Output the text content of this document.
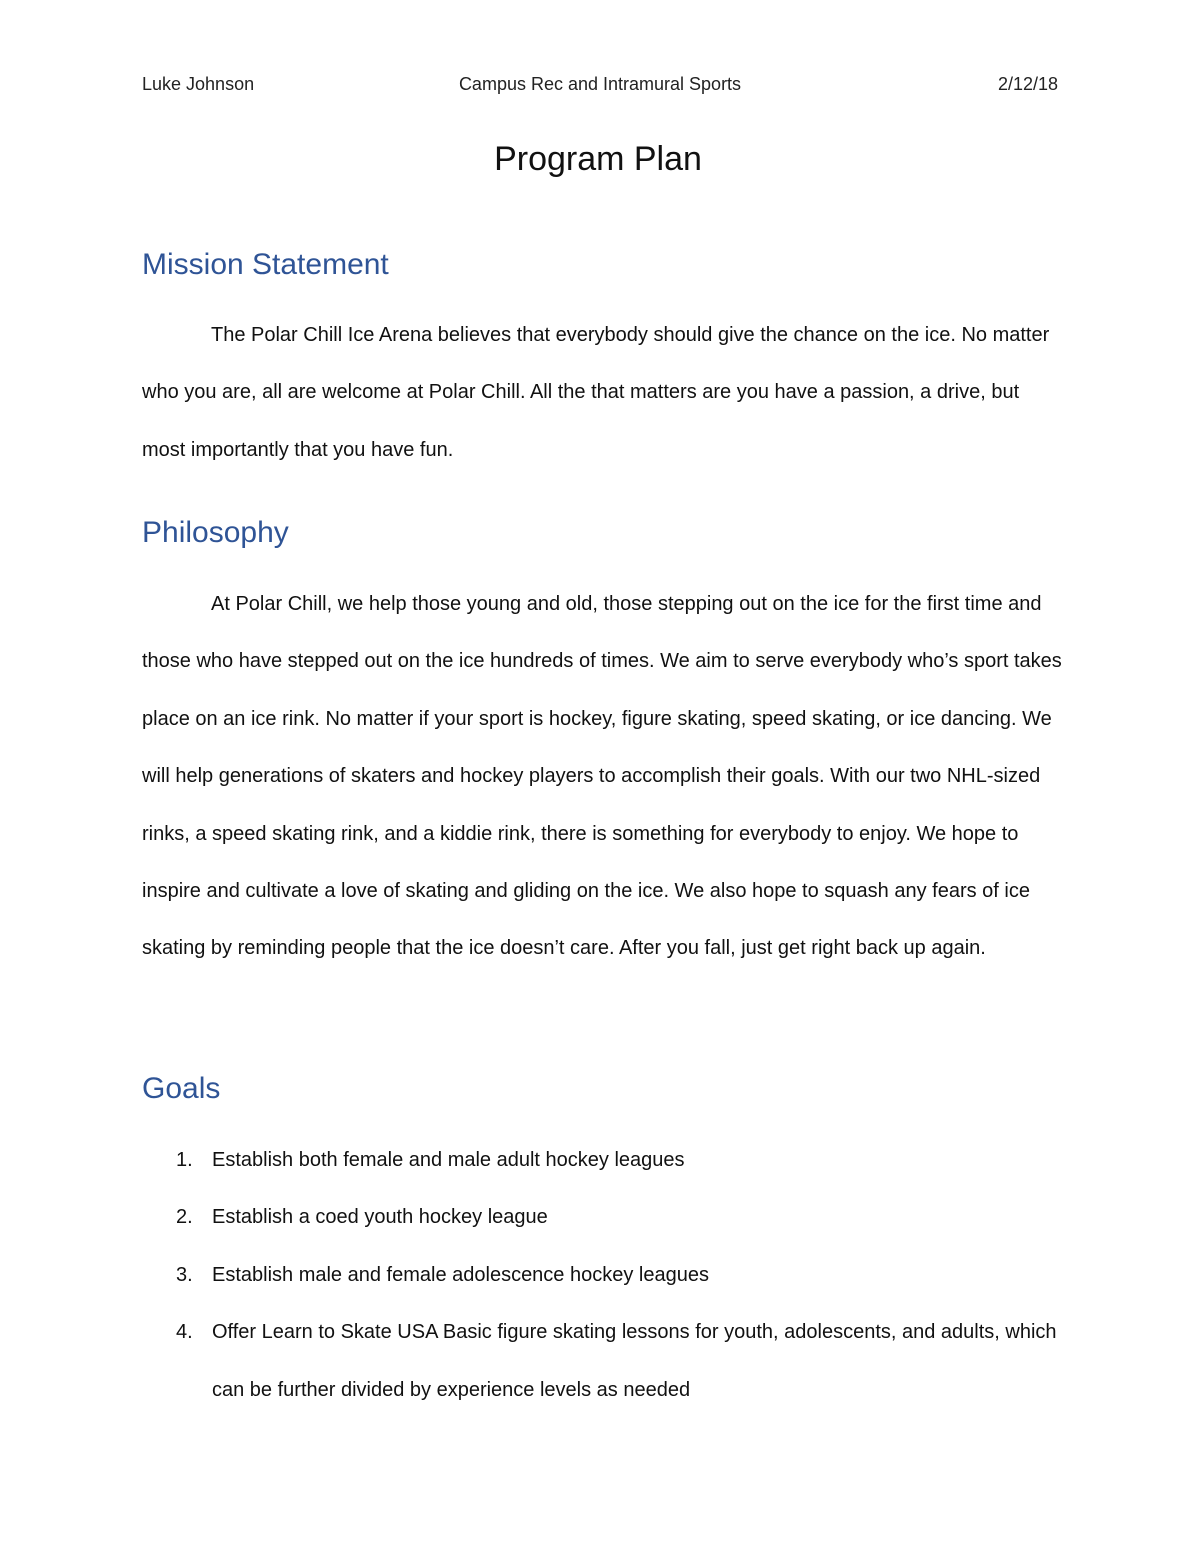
Luke Johnson	Campus Rec and Intramural Sports	2/12/18
Program Plan
Mission Statement
The Polar Chill Ice Arena believes that everybody should give the chance on the ice. No matter who you are, all are welcome at Polar Chill. All the that matters are you have a passion, a drive, but most importantly that you have fun.
Philosophy
At Polar Chill, we help those young and old, those stepping out on the ice for the first time and those who have stepped out on the ice hundreds of times. We aim to serve everybody who’s sport takes place on an ice rink. No matter if your sport is hockey, figure skating, speed skating, or ice dancing. We will help generations of skaters and hockey players to accomplish their goals. With our two NHL-sized rinks, a speed skating rink, and a kiddie rink, there is something for everybody to enjoy. We hope to inspire and cultivate a love of skating and gliding on the ice. We also hope to squash any fears of ice skating by reminding people that the ice doesn’t care. After you fall, just get right back up again.
Goals
1. Establish both female and male adult hockey leagues
2. Establish a coed youth hockey league
3. Establish male and female adolescence hockey leagues
4. Offer Learn to Skate USA Basic figure skating lessons for youth, adolescents, and adults, which can be further divided by experience levels as needed
